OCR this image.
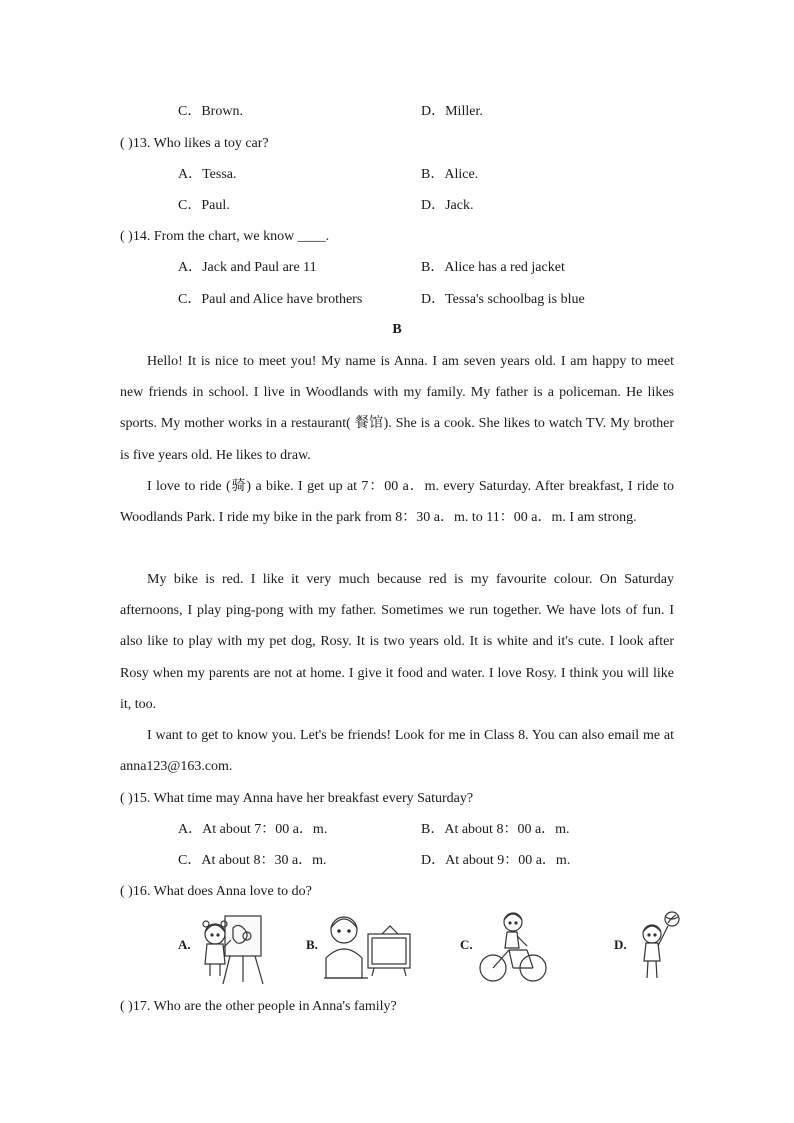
C．Brown.	D．Miller.
( )13. Who likes a toy car?
A．Tessa.	B．Alice.
C．Paul.	D．Jack.
( )14. From the chart, we know ____.
A．Jack and Paul are 11	B．Alice has a red jacket
C．Paul and Alice have brothers	D．Tessa's schoolbag is blue
B
Hello! It is nice to meet you! My name is Anna. I am seven years old. I am happy to meet new friends in school. I live in Woodlands with my family. My father is a policeman. He likes sports. My mother works in a restaurant( 餐馆). She is a cook. She likes to watch TV. My brother is five years old. He likes to draw.
I love to ride (骑) a bike. I get up at 7：00 a．m. every Saturday. After breakfast, I ride to Woodlands Park. I ride my bike in the park from 8：30 a．m. to 11：00 a．m. I am strong.
My bike is red. I like it very much because red is my favourite colour. On Saturday afternoons, I play ping-pong with my father. Sometimes we run together. We have lots of fun. I also like to play with my pet dog, Rosy. It is two years old. It is white and it's cute. I look after Rosy when my parents are not at home. I give it food and water. I love Rosy. I think you will like it, too.
I want to get to know you. Let's be friends! Look for me in Class 8. You can also email me at anna123@163.com.
( )15. What time may Anna have her breakfast every Saturday?
A．At about 7：00 a．m.	B．At about 8：00 a．m.
C．At about 8：30 a．m.	D．At about 9：00 a．m.
( )16. What does Anna love to do?
A.	B.	C.	D.
( )17. Who are the other people in Anna's family?
